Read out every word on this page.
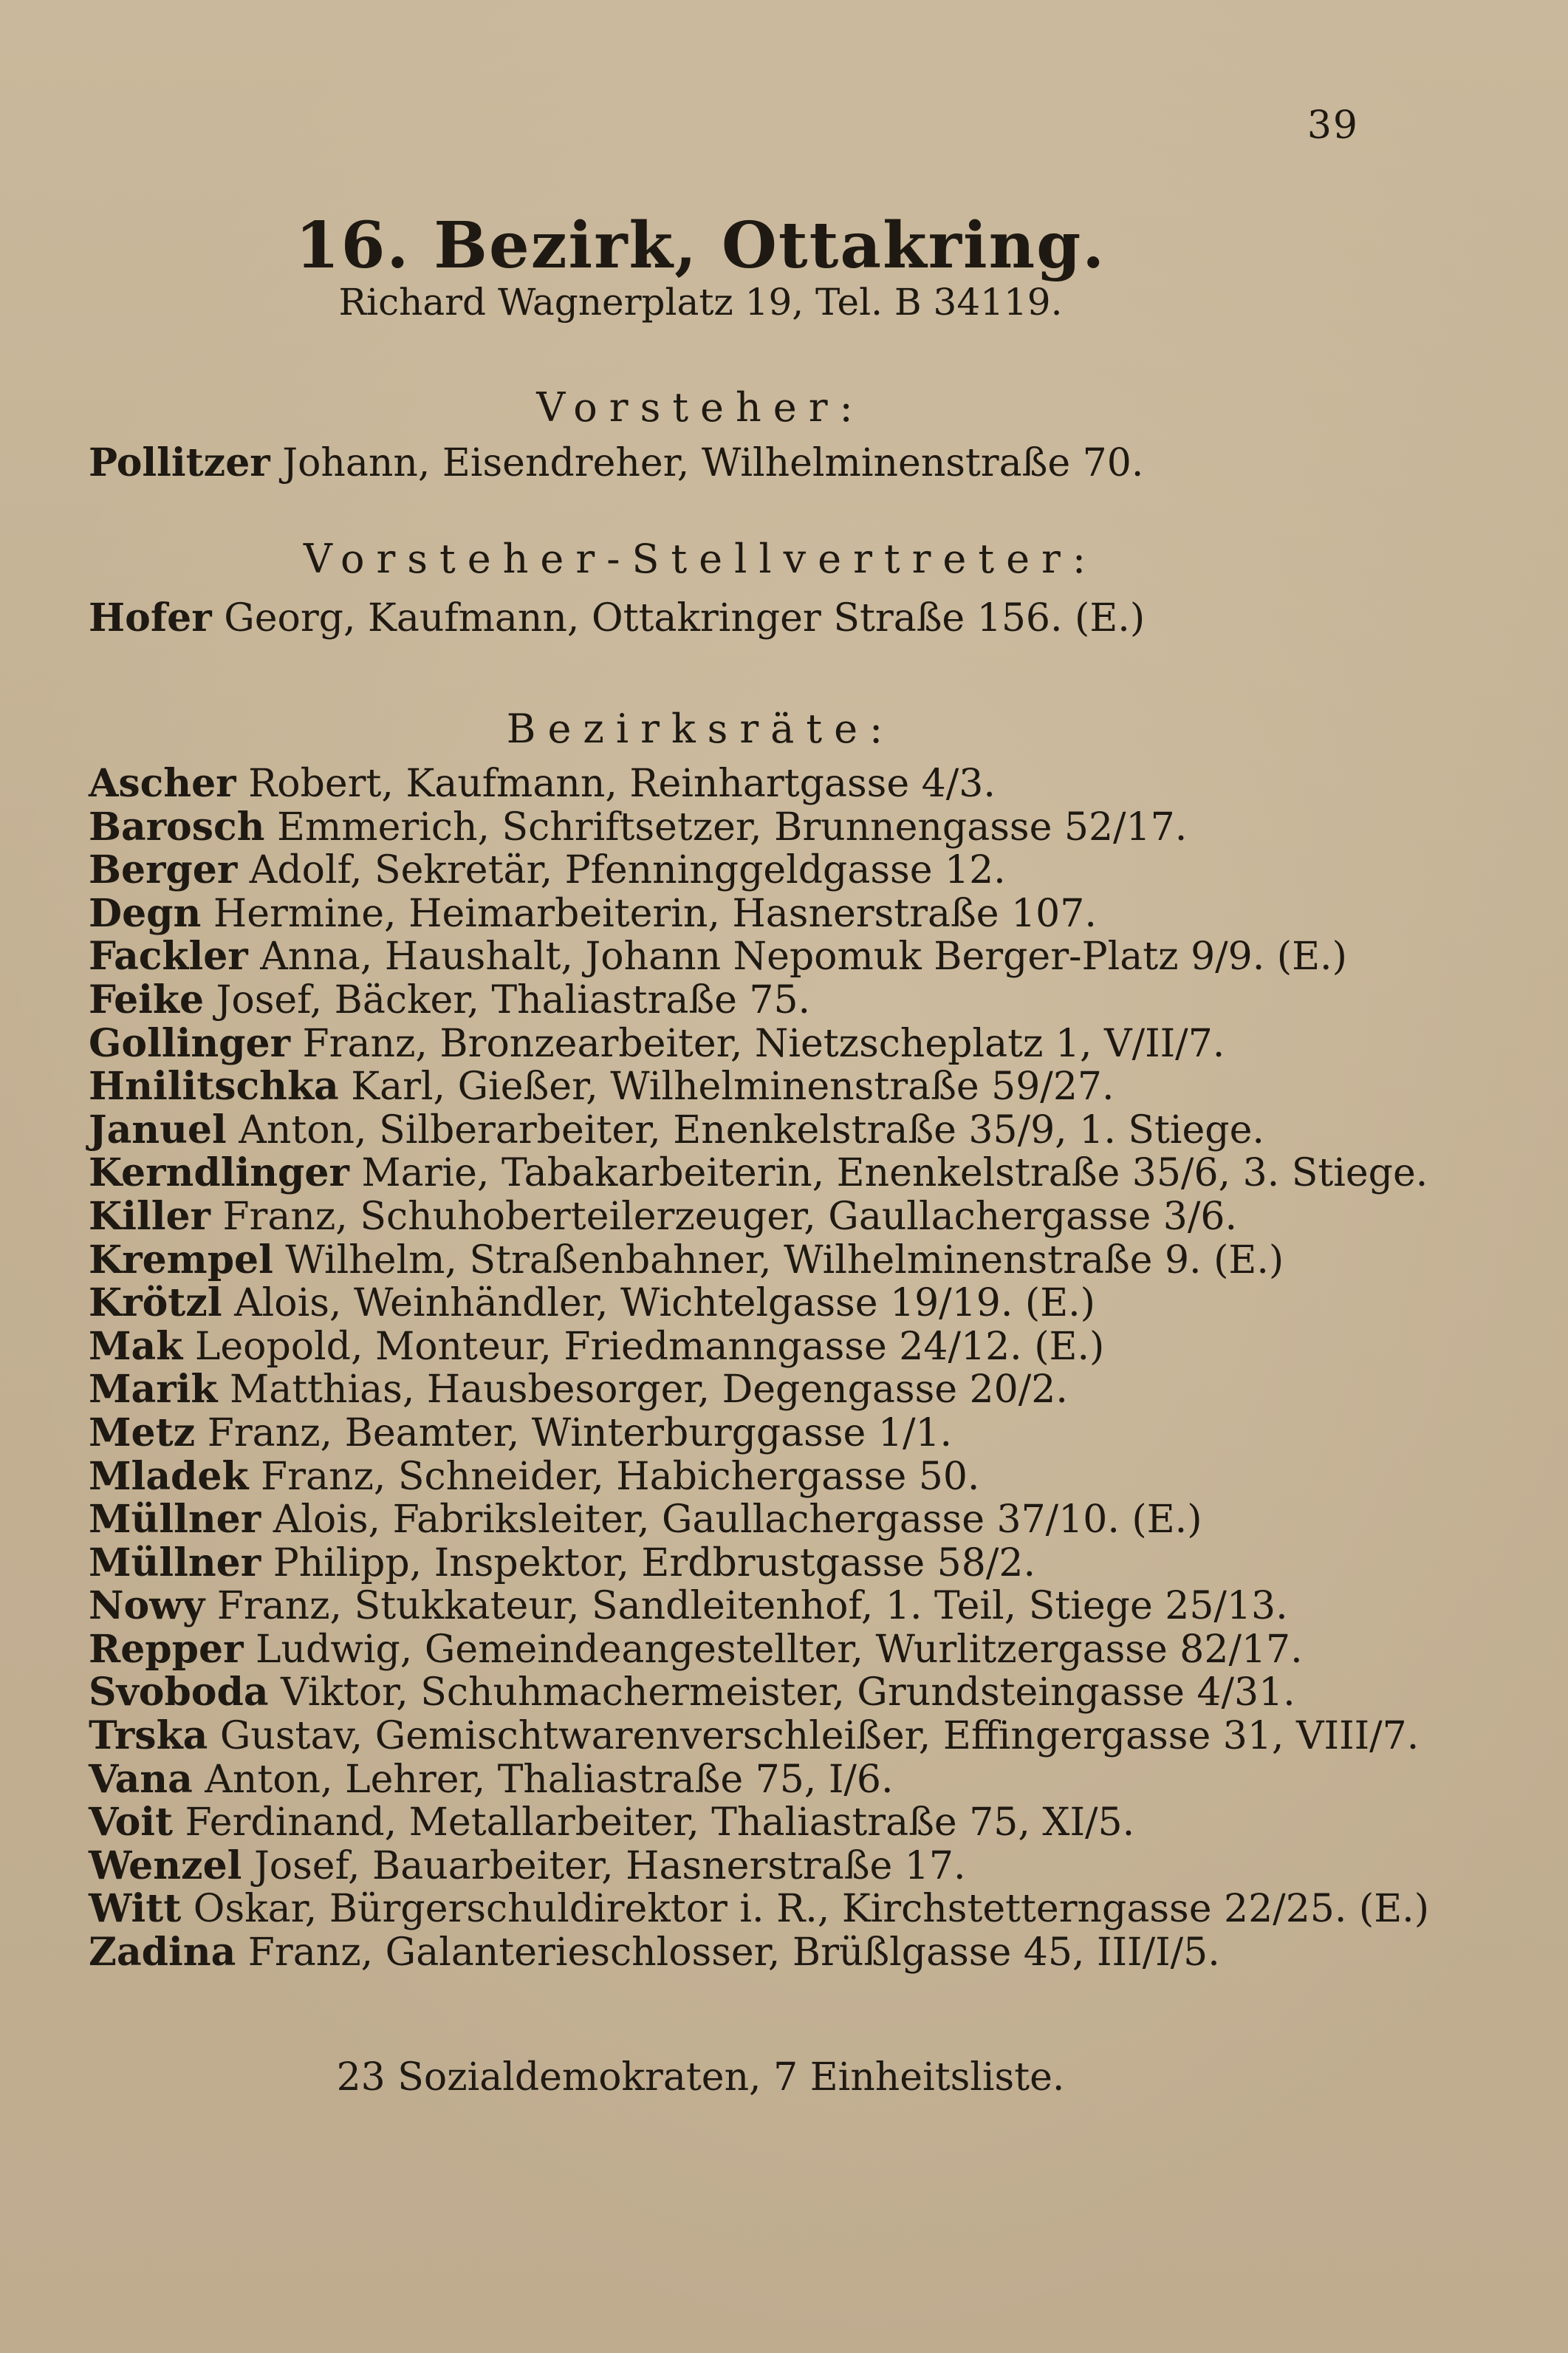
39
16. Bezirk, Ottakring.
Richard Wagnerplatz 19, Tel. B 34119.
Vorsteher:
Pollitzer Johann, Eisendreher, Wilhelminenstraße 70.
Vorsteher-Stellvertreter:
Hofer Georg, Kaufmann, Ottakringer Straße 156. (E.)
Bezirksräte:
Ascher Robert, Kaufmann, Reinhartgasse 4/3.
Barosch Emmerich, Schriftsetzer, Brunnengasse 52/17.
Berger Adolf, Sekretär, Pfenninggeldgasse 12.
Degn Hermine, Heimarbeiterin, Hasnerstraße 107.
Fackler Anna, Haushalt, Johann Nepomuk Berger-Platz 9/9. (E.)
Feike Josef, Bäcker, Thaliastraße 75.
Gollinger Franz, Bronzearbeiter, Nietzscheplatz 1, V/II/7.
Hnilitschka Karl, Gießer, Wilhelminenstraße 59/27.
Januel Anton, Silberarbeiter, Enenkelstraße 35/9, 1. Stiege.
Kerndlinger Marie, Tabakarbeiterin, Enenkelstraße 35/6, 3. Stiege.
Killer Franz, Schuhoberteilerzeuger, Gaullachergasse 3/6.
Krempel Wilhelm, Straßenbahner, Wilhelminenstraße 9. (E.)
Krötzl Alois, Weinhändler, Wichtelgasse 19/19. (E.)
Mak Leopold, Monteur, Friedmanngasse 24/12. (E.)
Marik Matthias, Hausbesorger, Degengasse 20/2.
Metz Franz, Beamter, Winterburggasse 1/1.
Mladek Franz, Schneider, Habichergasse 50.
Müllner Alois, Fabriksleiter, Gaullachergasse 37/10. (E.)
Müllner Philipp, Inspektor, Erdbrustgasse 58/2.
Nowy Franz, Stukkateur, Sandleitenhof, 1. Teil, Stiege 25/13.
Repper Ludwig, Gemeindeangestellter, Wurlitzergasse 82/17.
Svoboda Viktor, Schuhmachermeister, Grundsteingasse 4/31.
Trska Gustav, Gemischtwarenverschleißer, Effingergasse 31, VIII/7.
Vana Anton, Lehrer, Thaliastraße 75, I/6.
Voit Ferdinand, Metallarbeiter, Thaliastraße 75, XI/5.
Wenzel Josef, Bauarbeiter, Hasnerstraße 17.
Witt Oskar, Bürgerschuldirektor i. R., Kirchstetterngasse 22/25. (E.)
Zadina Franz, Galanterieschlosser, Brüßlgasse 45, III/I/5.
23 Sozialdemokraten, 7 Einheitsliste.
